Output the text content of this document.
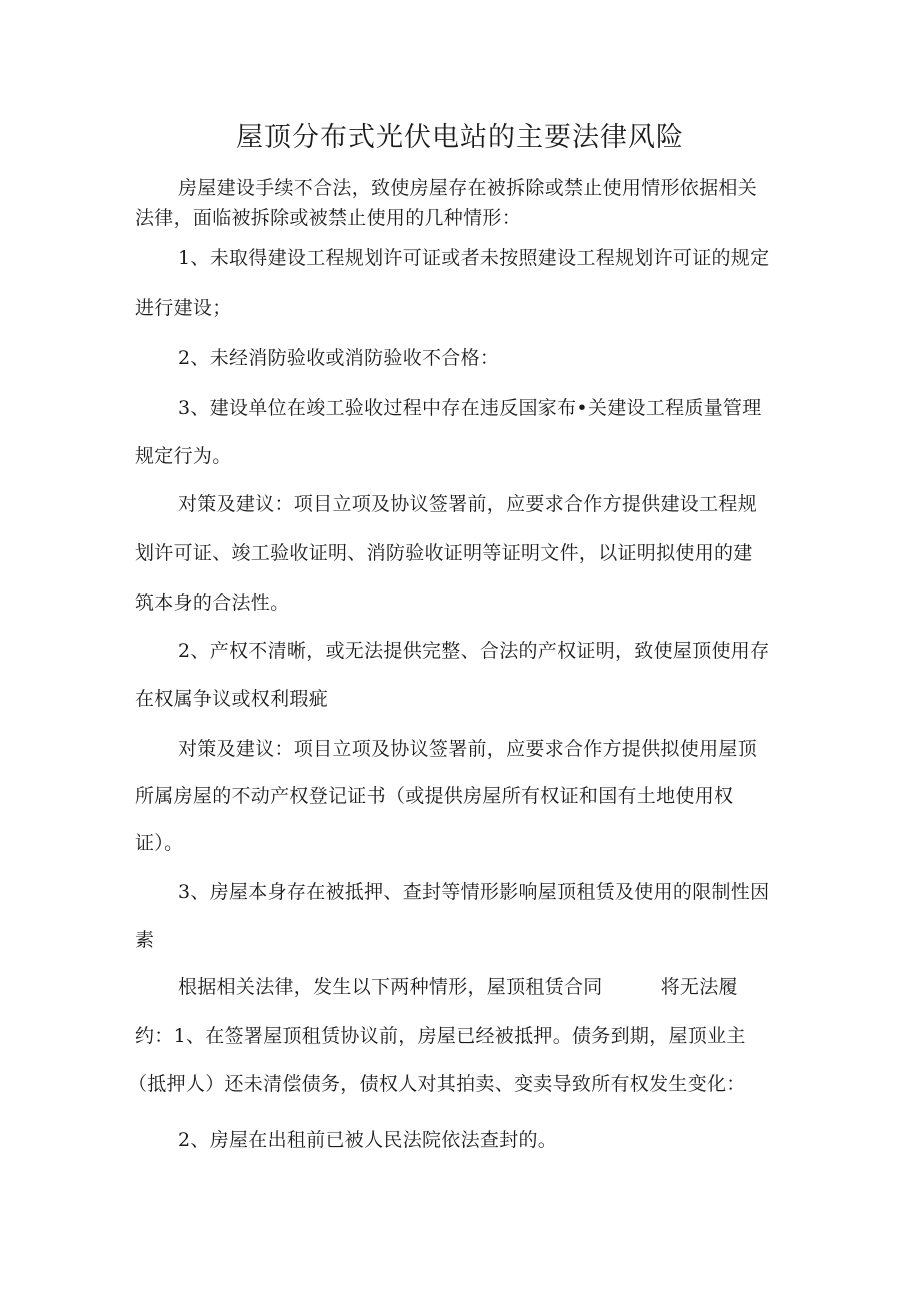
屋顶分布式光伏电站的主要法律风险
房屋建设手续不合法，致使房屋存在被拆除或禁止使用情形依据相关
法律，面临被拆除或被禁止使用的几种情形：
1、未取得建设工程规划许可证或者未按照建设工程规划许可证的规定
进行建设；
2、未经消防验收或消防验收不合格：
3、建设单位在竣工验收过程中存在违反国家布•关建设工程质量管理
规定行为。
对策及建议：项目立项及协议签署前，应要求合作方提供建设工程规
划许可证、竣工验收证明、消防验收证明等证明文件，以证明拟使用的建
筑本身的合法性。
2、产权不清晰，或无法提供完整、合法的产权证明，致使屋顶使用存
在权属争议或权利瑕疵
对策及建议：项目立项及协议签署前，应要求合作方提供拟使用屋顶
所属房屋的不动产权登记证书（或提供房屋所有权证和国有土地使用权
证）。
3、房屋本身存在被抵押、查封等情形影响屋顶租赁及使用的限制性因
素
根据相关法律，发生以下两种情形，屋顶租赁合同	将无法履
约：1、在签署屋顶租赁协议前，房屋已经被抵押。债务到期，屋顶业主
（抵押人）还未清偿债务，债权人对其拍卖、变卖导致所有权发生变化：
2、房屋在出租前已被人民法院依法查封的。
